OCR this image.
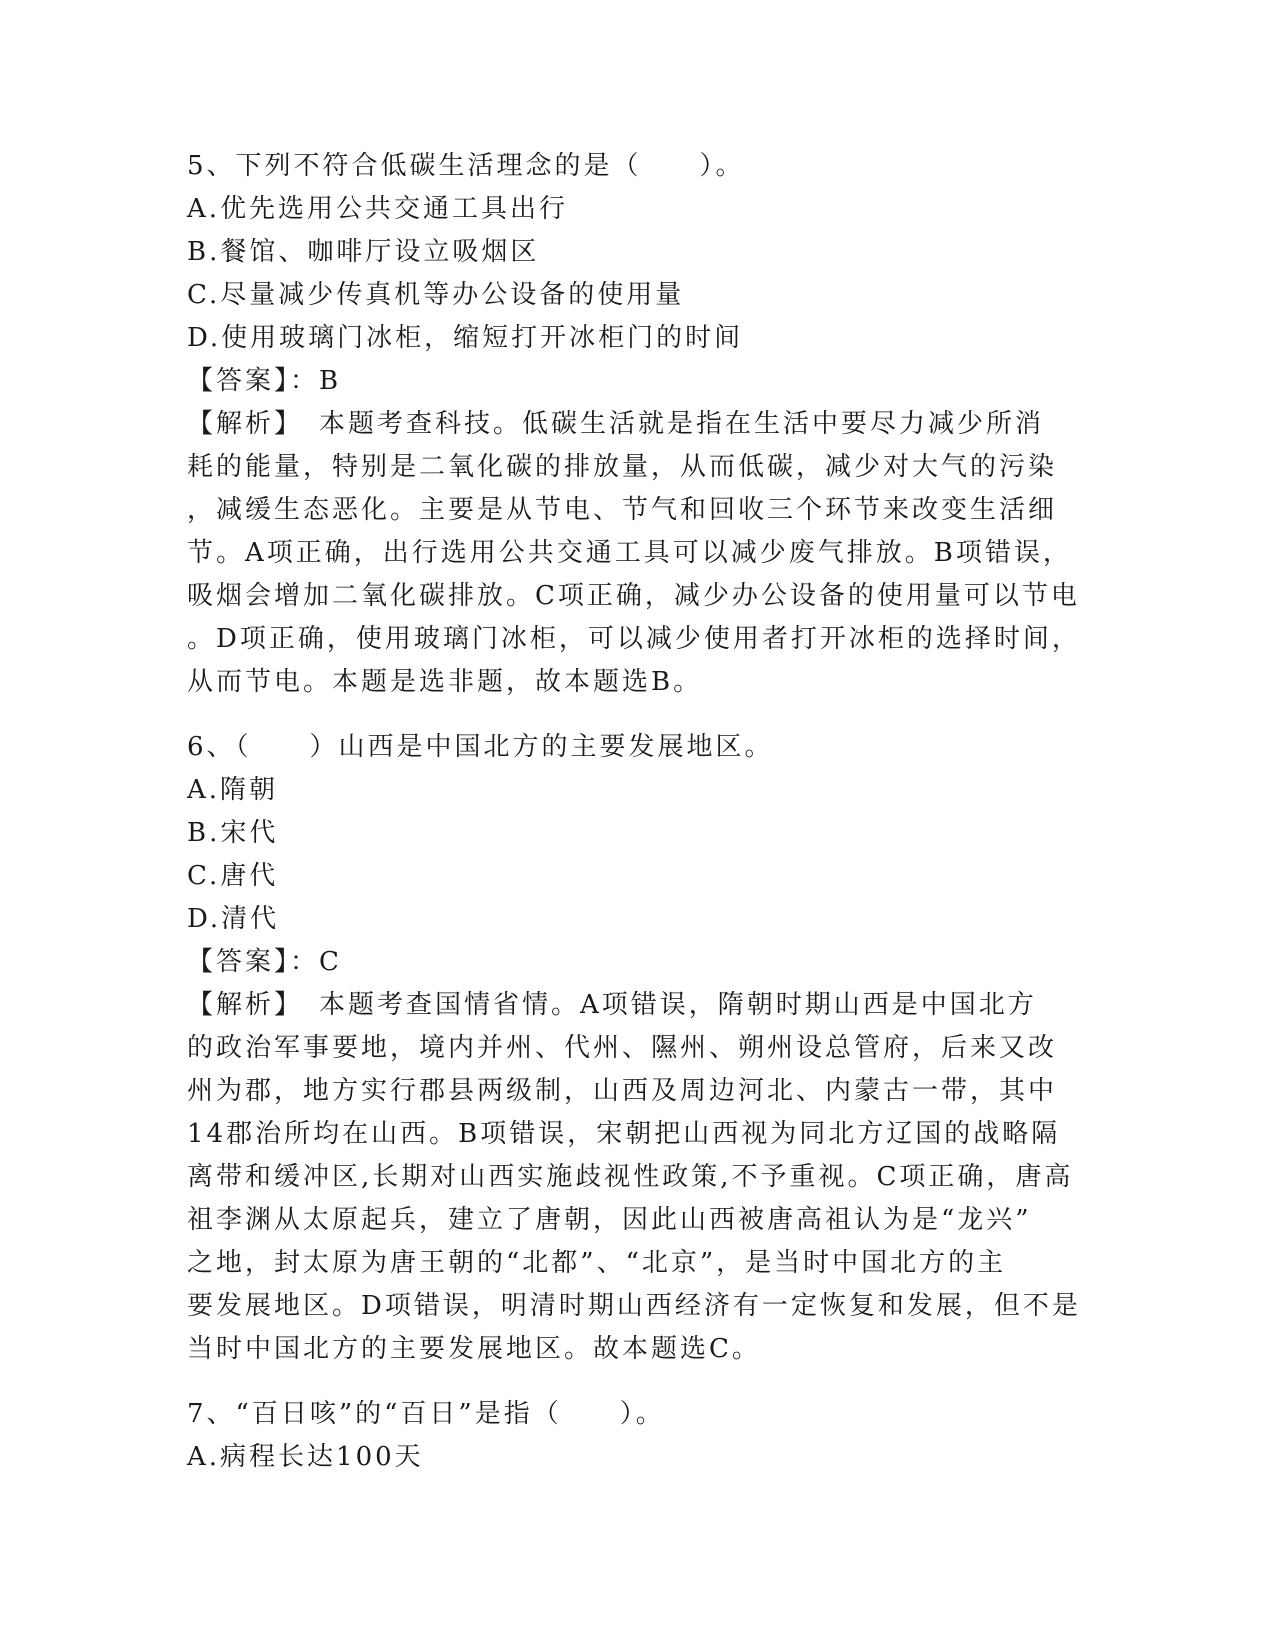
5、下列不符合低碳生活理念的是（　　）。
A.优先选用公共交通工具出行
B.餐馆、咖啡厅设立吸烟区
C.尽量减少传真机等办公设备的使用量
D.使用玻璃门冰柜，缩短打开冰柜门的时间
【答案】：B
【解析】　本题考查科技。低碳生活就是指在生活中要尽力减少所消
耗的能量，特别是二氧化碳的排放量，从而低碳，减少对大气的污染
，减缓生态恶化。主要是从节电、节气和回收三个环节来改变生活细
节。A项正确，出行选用公共交通工具可以减少废气排放。B项错误，
吸烟会增加二氧化碳排放。C项正确，减少办公设备的使用量可以节电
。D项正确，使用玻璃门冰柜，可以减少使用者打开冰柜的选择时间，
从而节电。本题是选非题，故本题选B。
6、（　　）山西是中国北方的主要发展地区。
A.隋朝
B.宋代
C.唐代
D.清代
【答案】：C
【解析】　本题考查国情省情。A项错误，隋朝时期山西是中国北方
的政治军事要地，境内并州、代州、隰州、朔州设总管府，后来又改
州为郡，地方实行郡县两级制，山西及周边河北、内蒙古一带，其中
14郡治所均在山西。B项错误，宋朝把山西视为同北方辽国的战略隔
离带和缓冲区,长期对山西实施歧视性政策,不予重视。C项正确，唐高
祖李渊从太原起兵，建立了唐朝，因此山西被唐高祖认为是“龙兴”
之地，封太原为唐王朝的“北都”、“北京”，是当时中国北方的主
要发展地区。D项错误，明清时期山西经济有一定恢复和发展，但不是
当时中国北方的主要发展地区。故本题选C。
7、“百日咳”的“百日”是指（　　）。
A.病程长达100天
